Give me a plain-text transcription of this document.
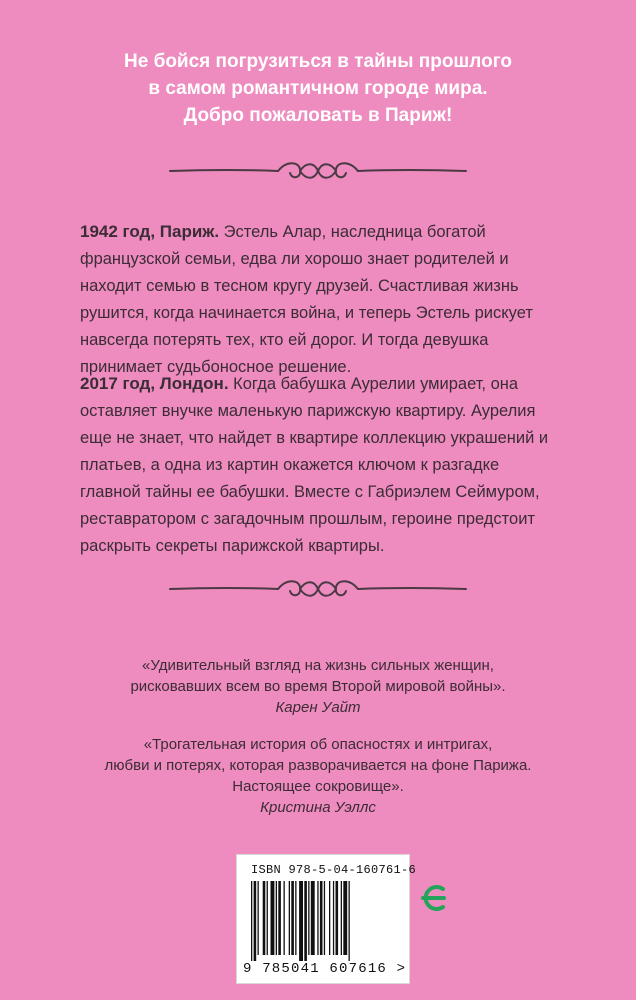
Не бойся погрузиться в тайны прошлого
в самом романтичном городе мира.
Добро пожаловать в Париж!

1942 год, Париж. Эстель Алар, наследница богатой французской семьи, едва ли хорошо знает родителей и находит семью в тесном кругу друзей. Счастливая жизнь рушится, когда начинается война, и теперь Эстель рискует навсегда потерять тех, кто ей дорог. И тогда девушка принимает судьбоносное решение.

2017 год, Лондон. Когда бабушка Аурелии умирает, она оставляет внучке маленькую парижскую квартиру. Аурелия еще не знает, что найдет в квартире коллекцию украшений и платьев, а одна из картин окажется ключом к разгадке главной тайны ее бабушки. Вместе с Габриэлем Сеймуром, реставратором с загадочным прошлым, героине предстоит раскрыть секреты парижской квартиры.

«Удивительный взгляд на жизнь сильных женщин,
рисковавших всем во время Второй мировой войны».
Карен Уайт
«Трогательная история об опасностях и интригах,
любви и потерях, которая разворачивается на фоне Парижа.
Настоящее сокровище».
Кристина Уэллс
ISBN 978-5-04-160761-6
9 785041 607616 >
